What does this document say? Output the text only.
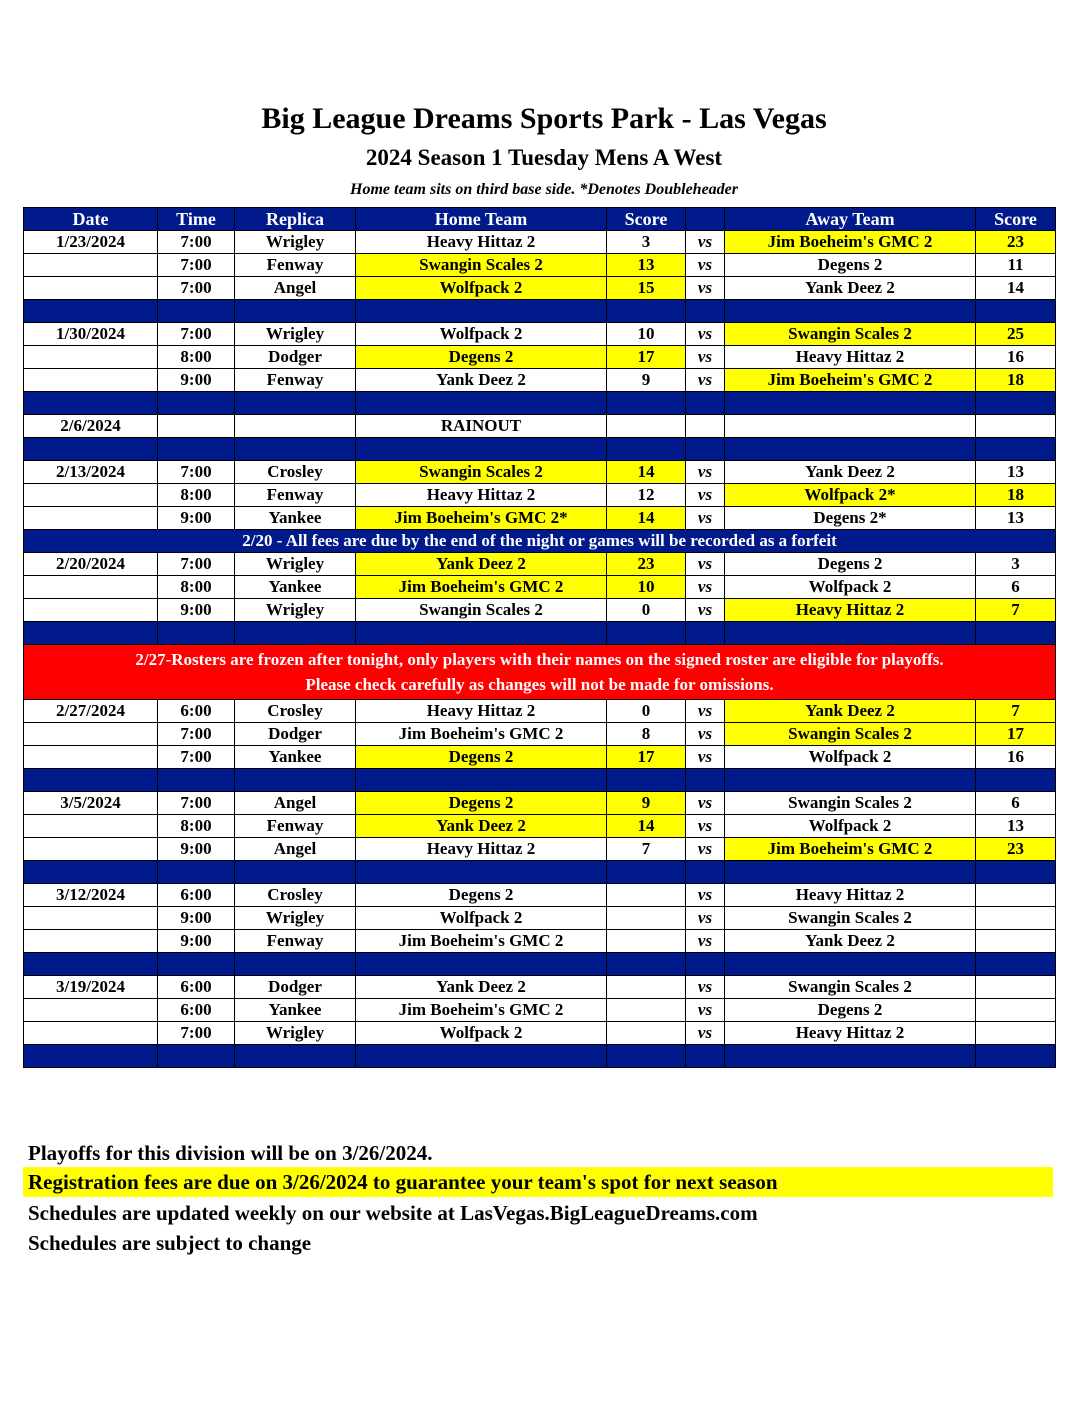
Big League Dreams Sports Park - Las Vegas
2024 Season 1 Tuesday Mens A West
Home team sits on third base side. *Denotes Doubleheader
Date	Time	Replica	Home Team	Score		Away Team	Score
1/23/2024	7:00	Wrigley	Heavy Hittaz 2	3	vs	Jim Boeheim's GMC 2	23
	7:00	Fenway	Swangin Scales 2	13	vs	Degens 2	11
	7:00	Angel	Wolfpack 2	15	vs	Yank Deez 2	14

1/30/2024	7:00	Wrigley	Wolfpack 2	10	vs	Swangin Scales 2	25
	8:00	Dodger	Degens 2	17	vs	Heavy Hittaz 2	16
	9:00	Fenway	Yank Deez 2	9	vs	Jim Boeheim's GMC 2	18

2/6/2024			RAINOUT				

2/13/2024	7:00	Crosley	Swangin Scales 2	14	vs	Yank Deez 2	13
	8:00	Fenway	Heavy Hittaz 2	12	vs	Wolfpack 2*	18
	9:00	Yankee	Jim Boeheim's GMC 2*	14	vs	Degens 2*	13
2/20 - All fees are due by the end of the night or games will be recorded as a forfeit							
2/20/2024	7:00	Wrigley	Yank Deez 2	23	vs	Degens 2	3
	8:00	Yankee	Jim Boeheim's GMC 2	10	vs	Wolfpack 2	6
	9:00	Wrigley	Swangin Scales 2	0	vs	Heavy Hittaz 2	7

2/27-Rosters are frozen after tonight, only players with their names on the signed roster are eligible for playoffs.
Please check carefully as changes will not be made for omissions.							

2/27/2024	6:00	Crosley	Heavy Hittaz 2	0	vs	Yank Deez 2	7
	7:00	Dodger	Jim Boeheim's GMC 2	8	vs	Swangin Scales 2	17
	7:00	Yankee	Degens 2	17	vs	Wolfpack 2	16

3/5/2024	7:00	Angel	Degens 2	9	vs	Swangin Scales 2	6
	8:00	Fenway	Yank Deez 2	14	vs	Wolfpack 2	13
	9:00	Angel	Heavy Hittaz 2	7	vs	Jim Boeheim's GMC 2	23

3/12/2024	6:00	Crosley	Degens 2		vs	Heavy Hittaz 2	
	9:00	Wrigley	Wolfpack 2		vs	Swangin Scales 2	
	9:00	Fenway	Jim Boeheim's GMC 2		vs	Yank Deez 2	

3/19/2024	6:00	Dodger	Yank Deez 2		vs	Swangin Scales 2	
	6:00	Yankee	Jim Boeheim's GMC 2		vs	Degens 2	
	7:00	Wrigley	Wolfpack 2		vs	Heavy Hittaz 2	

Playoffs for this division will be on 3/26/2024.
Registration fees are due on 3/26/2024 to guarantee your team's spot for next season
Schedules are updated weekly on our website at LasVegas.BigLeagueDreams.com
Schedules are subject to change
